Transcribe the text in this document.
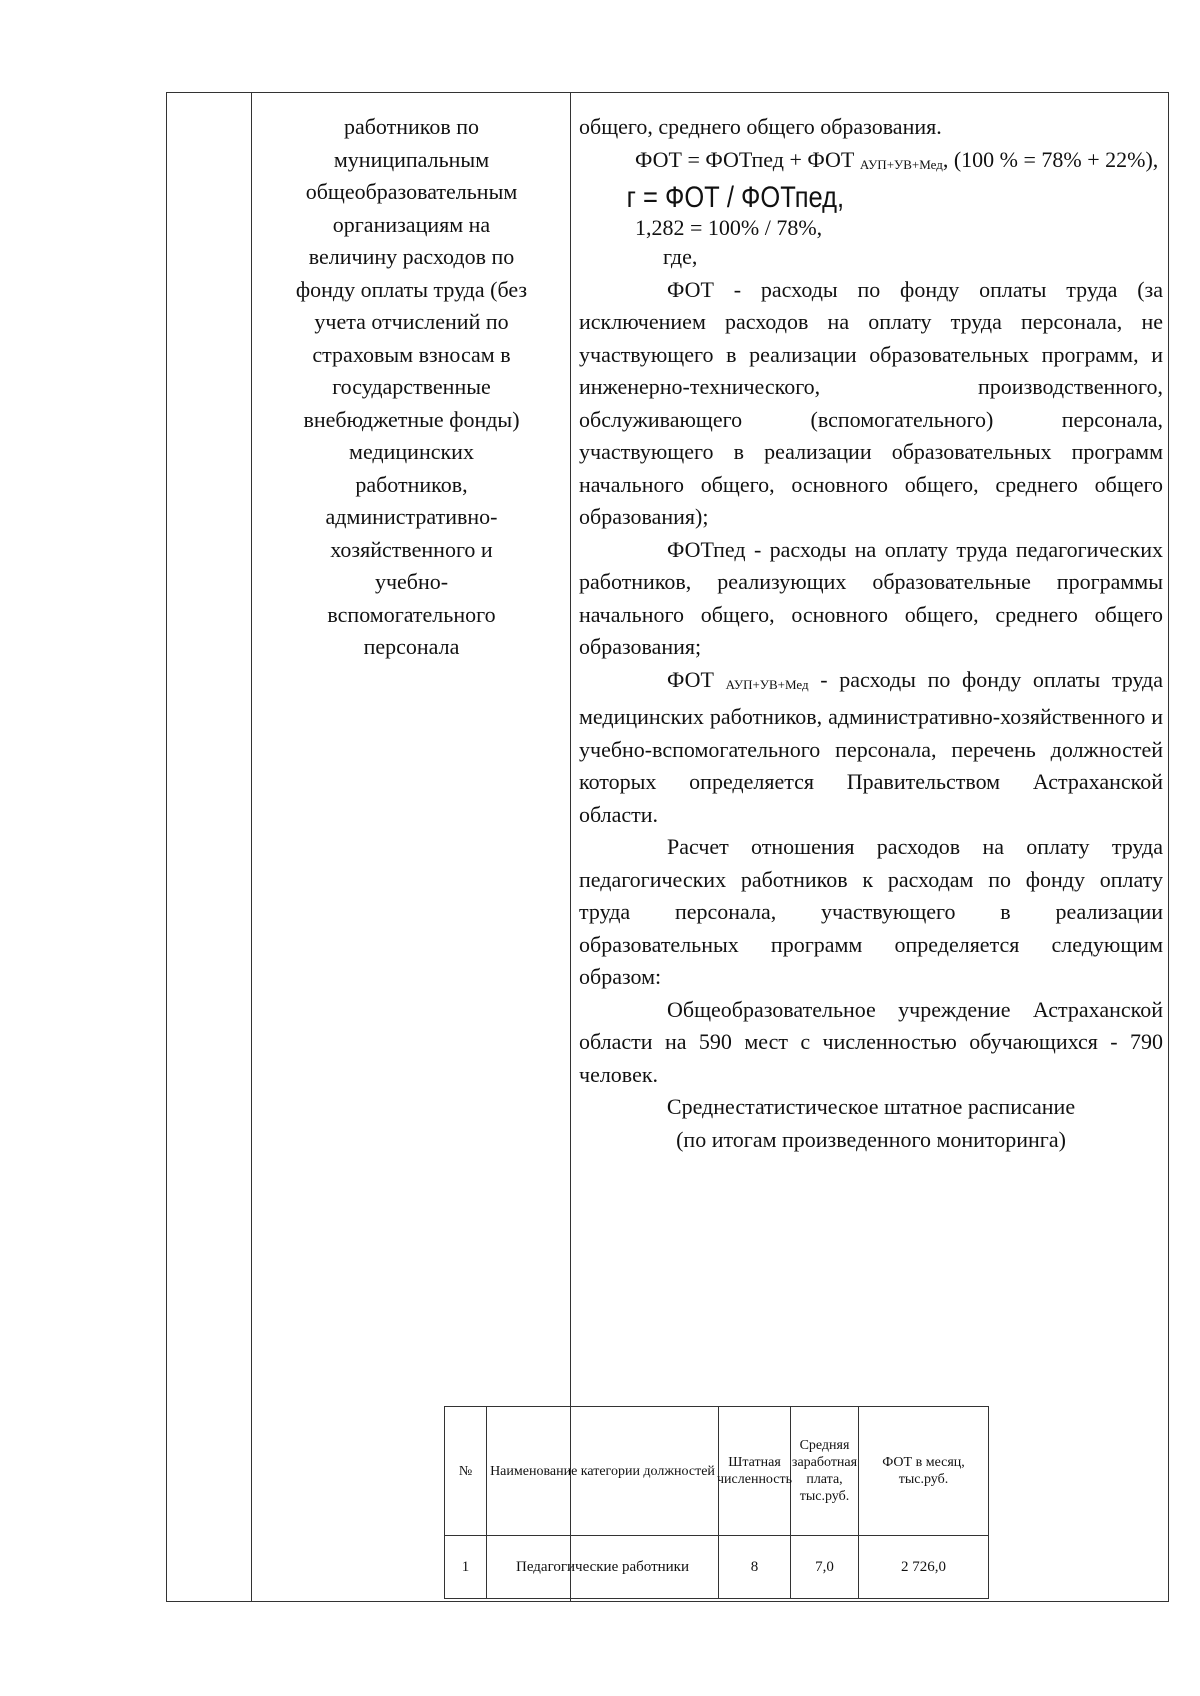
работников по
муниципальным
общеобразовательным
организациям на
величину расходов по
фонду оплаты труда (без
учета отчислений по
страховым взносам в
государственные
внебюджетные фонды)
медицинских
работников,
административно-
хозяйственного и
учебно-
вспомогательного
персонала

общего, среднего общего образования.

ФОТ = ФОТпед + ФОТ $_{АУП+УВ+Мед}$, (100 % = 78% + 22%),

г = ФОТ / ФОТпед,

1,282 = 100% / 78%,

где,

ФОТ - расходы по фонду оплаты труда (за исключением расходов на оплату труда персонала, не участвующего в реализации образовательных программ, и инженерно-технического, производственного, обслуживающего (вспомогательного) персонала, участвующего в реализации образовательных программ начального общего, основного общего, среднего общего образования);

ФОТпед - расходы на оплату труда педагогических работников, реализующих образовательные программы начального общего, основного общего, среднего общего образования;

ФОТ $_{АУП+УВ+Мед}$ - расходы по фонду оплаты труда медицинских работников, административно-хозяйственного и учебно-вспомогательного персонала, перечень должностей которых определяется Правительством Астраханской области.

Расчет отношения расходов на оплату труда педагогических работников к расходам по фонду оплату труда персонала, участвующего в реализации образовательных программ определяется следующим образом:

Общеобразовательное учреждение Астраханской области на 590 мест с численностью обучающихся - 790 человек.

Среднестатистическое штатное расписание
(по итогам произведенного мониторинга)

№	Наименование категории должностей	Штатная численность	Средняя заработная плата, тыс.руб.	ФОТ в месяц, тыс.руб.
1	Педагогические работники	8	7,0	2 726,0
